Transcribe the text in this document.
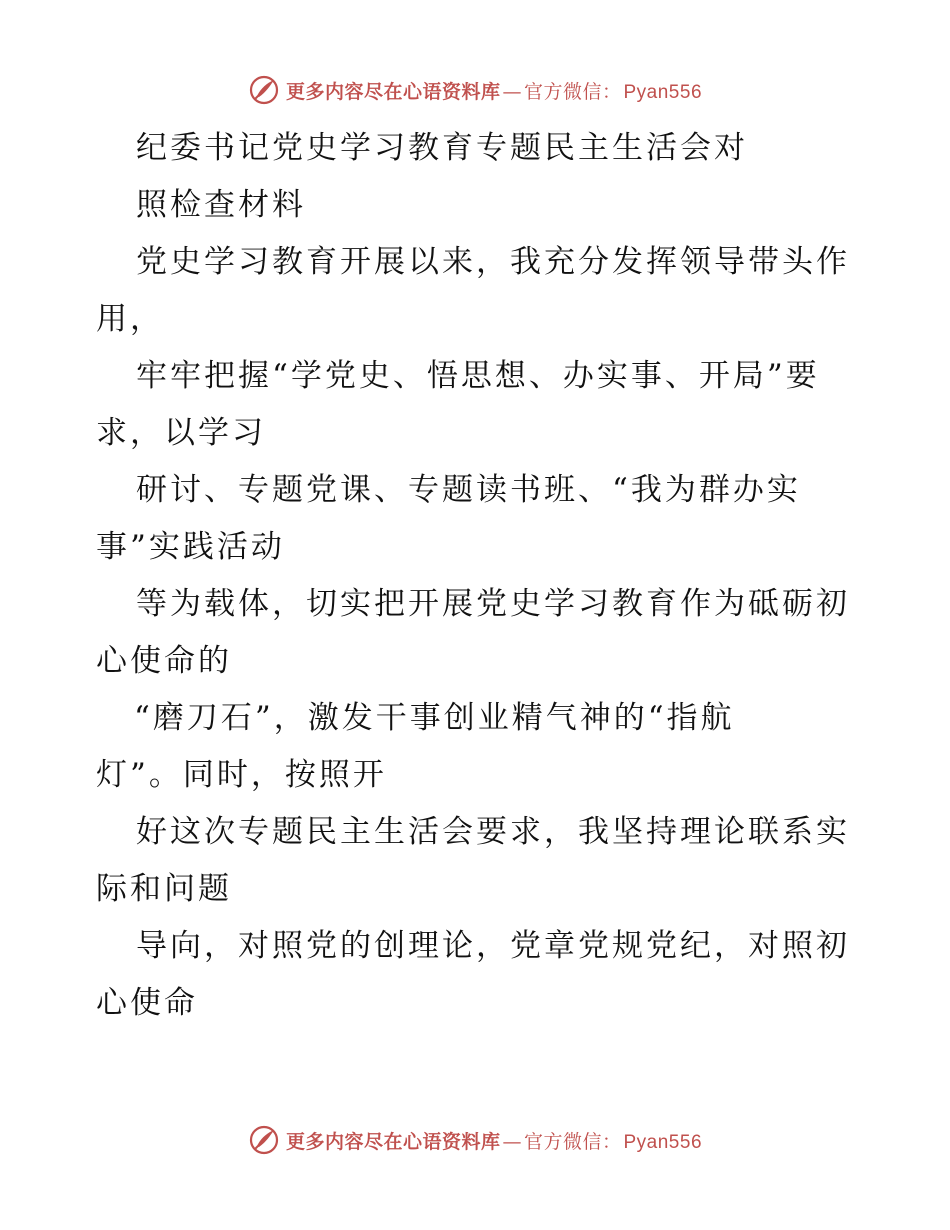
更多内容尽在心语资料库 — 官方微信： Pyan556
纪委书记党史学习教育专题民主生活会对
照检查材料
党史学习教育开展以来，我充分发挥领导带头作
用，
牢牢把握“学党史、悟思想、办实事、开局”要
求，以学习
研讨、专题党课、专题读书班、“我为群办实
事”实践活动
等为载体，切实把开展党史学习教育作为砥砺初
心使命的
“磨刀石”，激发干事创业精气神的“指航
灯”。同时，按照开
好这次专题民主生活会要求，我坚持理论联系实
际和问题
导向，对照党的创理论，党章党规党纪，对照初
心使命
更多内容尽在心语资料库 — 官方微信： Pyan556
